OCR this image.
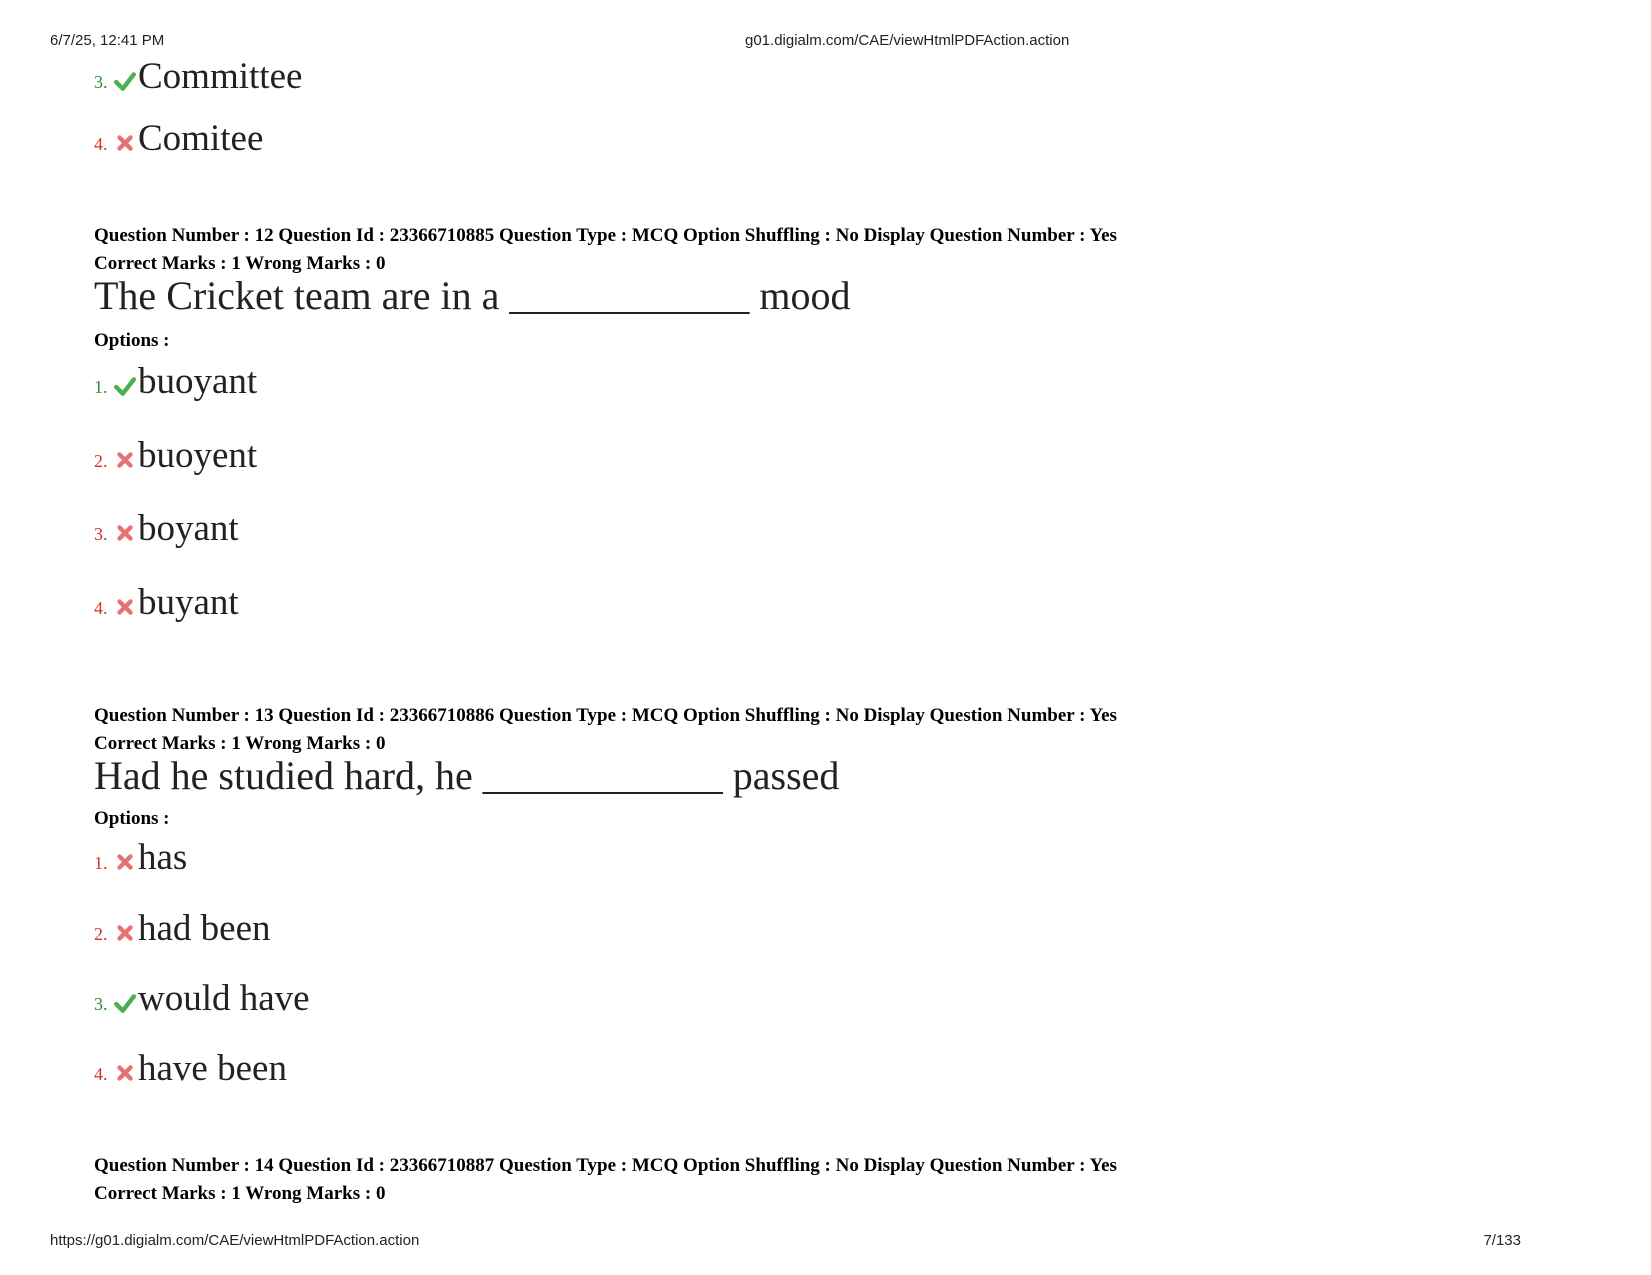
6/7/25, 12:41 PM	g01.digialm.com/CAE/viewHtmlPDFAction.action
3. Committee
4. Comitee
Question Number : 12 Question Id : 23366710885 Question Type : MCQ Option Shuffling : No Display Question Number : Yes
Correct Marks : 1 Wrong Marks : 0
The Cricket team are in a ____________ mood
Options :
1. buoyant
2. buoyent
3. boyant
4. buyant
Question Number : 13 Question Id : 23366710886 Question Type : MCQ Option Shuffling : No Display Question Number : Yes
Correct Marks : 1 Wrong Marks : 0
Had he studied hard, he ____________ passed
Options :
1. has
2. had been
3. would have
4. have been
Question Number : 14 Question Id : 23366710887 Question Type : MCQ Option Shuffling : No Display Question Number : Yes
Correct Marks : 1 Wrong Marks : 0
https://g01.digialm.com/CAE/viewHtmlPDFAction.action	7/133
